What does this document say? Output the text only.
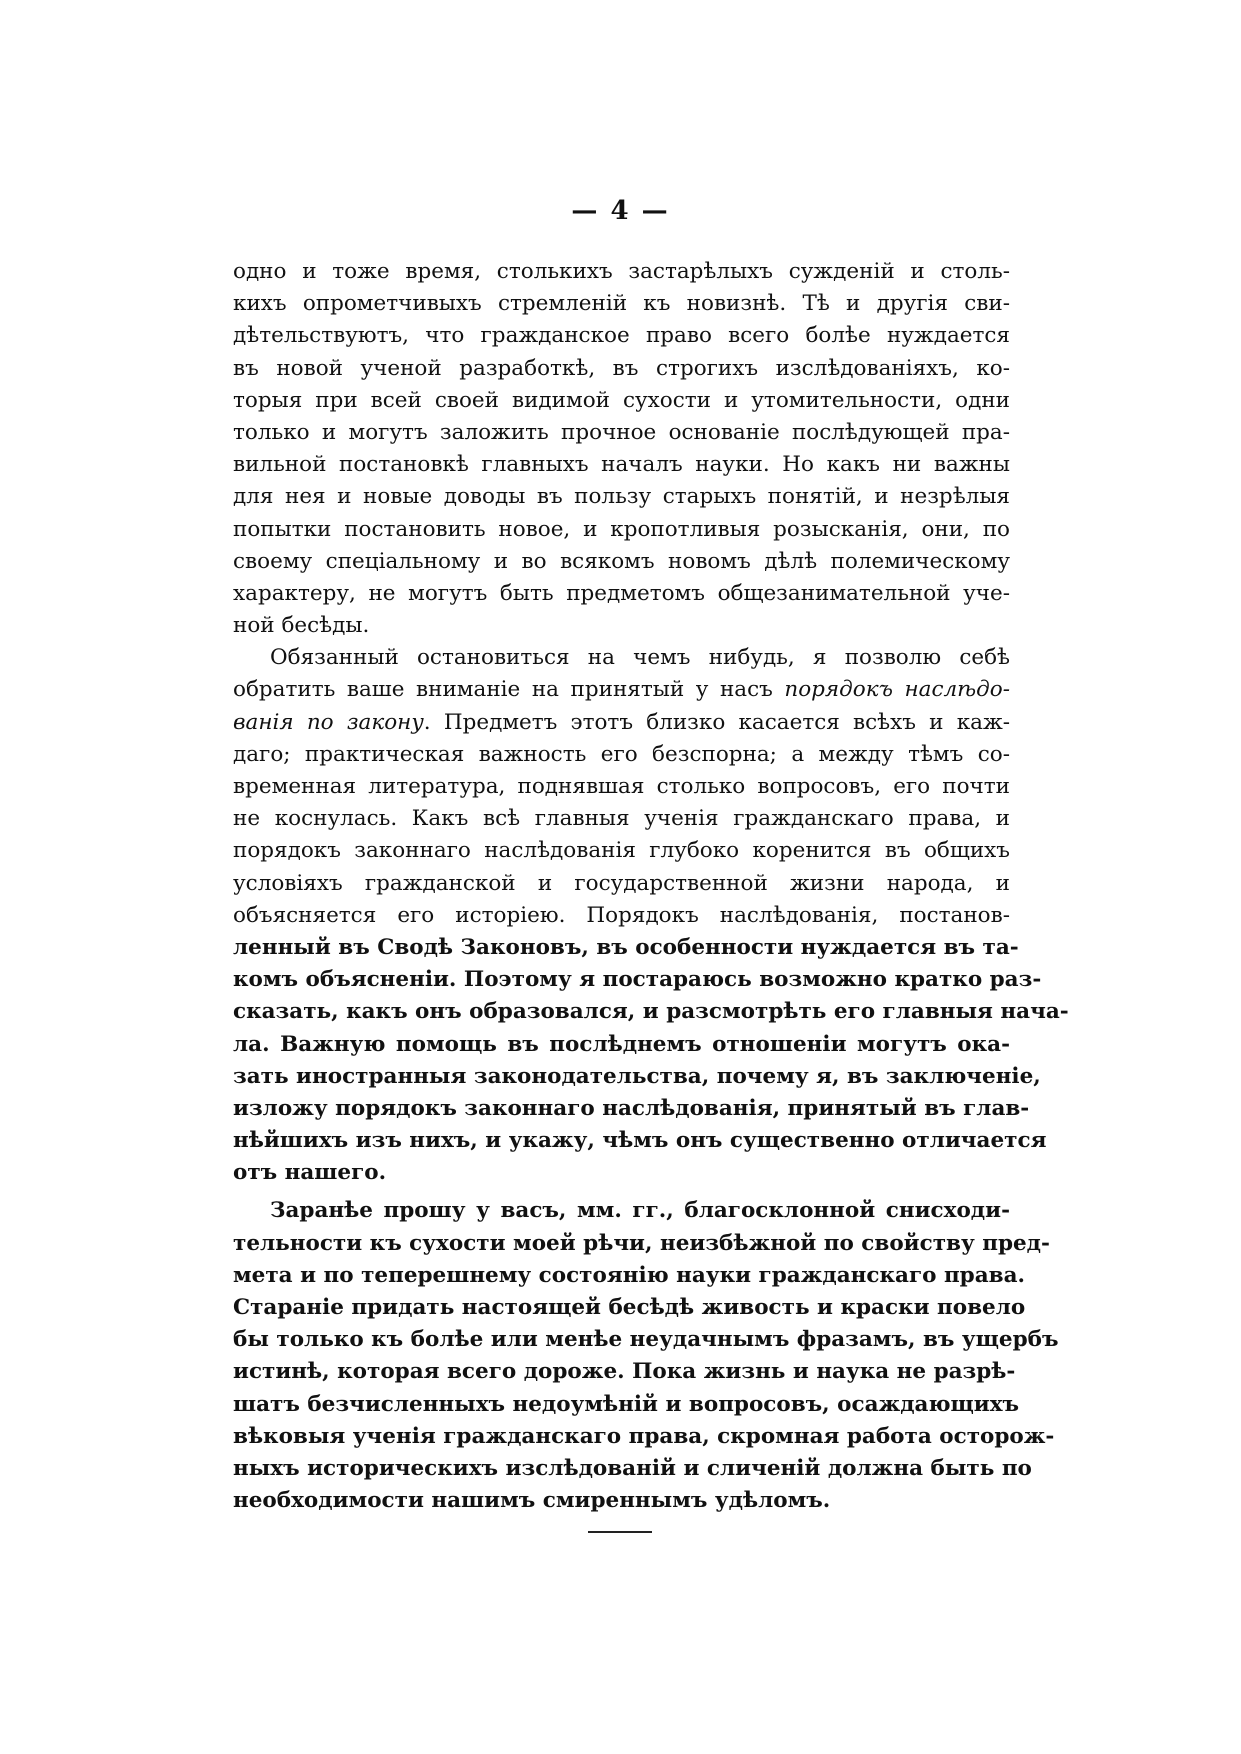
— 4 —
одно и тоже время, столькихъ застарѣлыхъ сужденій и столь-
кихъ опрометчивыхъ стремленій къ новизнѣ. Тѣ и другія сви-
дѣтельствуютъ, что гражданское право всего болѣе нуждается
въ новой ученой разработкѣ, въ строгихъ изслѣдованіяхъ, ко-
торыя при всей своей видимой сухости и утомительности, одни
только и могутъ заложить прочное основаніе послѣдующей пра-
вильной постановкѣ главныхъ началъ науки. Но какъ ни важны
для нея и новые доводы въ пользу старыхъ понятій, и незрѣлыя
попытки постановить новое, и кропотливыя розысканія, они, по
своему спеціальному и во всякомъ новомъ дѣлѣ полемическому
характеру, не могутъ быть предметомъ общезанимательной уче-
ной бесѣды.
Обязанный остановиться на чемъ нибудь, я позволю себѣ
обратить ваше вниманіе на принятый у насъ порядокъ наслѣдо-
ванія по закону. Предметъ этотъ близко касается всѣхъ и каж-
даго; практическая важность его безспорна; а между тѣмъ со-
временная литература, поднявшая столько вопросовъ, его почти
не коснулась. Какъ всѣ главныя ученія гражданскаго права, и
порядокъ законнаго наслѣдованія глубоко коренится въ общихъ
условіяхъ гражданской и государственной жизни народа, и
объясняется его исторіею. Порядокъ наслѣдованія, постанов-
ленный въ Сводѣ Законовъ, въ особенности нуждается въ та-
комъ объясненіи. Поэтому я постараюсь возможно кратко раз-
сказать, какъ онъ образовался, и разсмотрѣть его главныя нача-
ла. Важную помощь въ послѣднемъ отношеніи могутъ ока-
зать иностранныя законодательства, почему я, въ заключеніе,
изложу порядокъ законнаго наслѣдованія, принятый въ глав-
нѣйшихъ изъ нихъ, и укажу, чѣмъ онъ существенно отличается
отъ нашего.
Заранѣе прошу у васъ, мм. гг., благосклонной снисходи-
тельности къ сухости моей рѣчи, неизбѣжной по свойству пред-
мета и по теперешнему состоянію науки гражданскаго права.
Стараніе придать настоящей бесѣдѣ живость и краски повело
бы только къ болѣе или менѣе неудачнымъ фразамъ, въ ущербъ
истинѣ, которая всего дороже. Пока жизнь и наука не разрѣ-
шатъ безчисленныхъ недоумѣній и вопросовъ, осаждающихъ
вѣковыя ученія гражданскаго права, скромная работа осторож-
ныхъ историческихъ изслѣдованій и сличеній должна быть по
необходимости нашимъ смиреннымъ удѣломъ.
